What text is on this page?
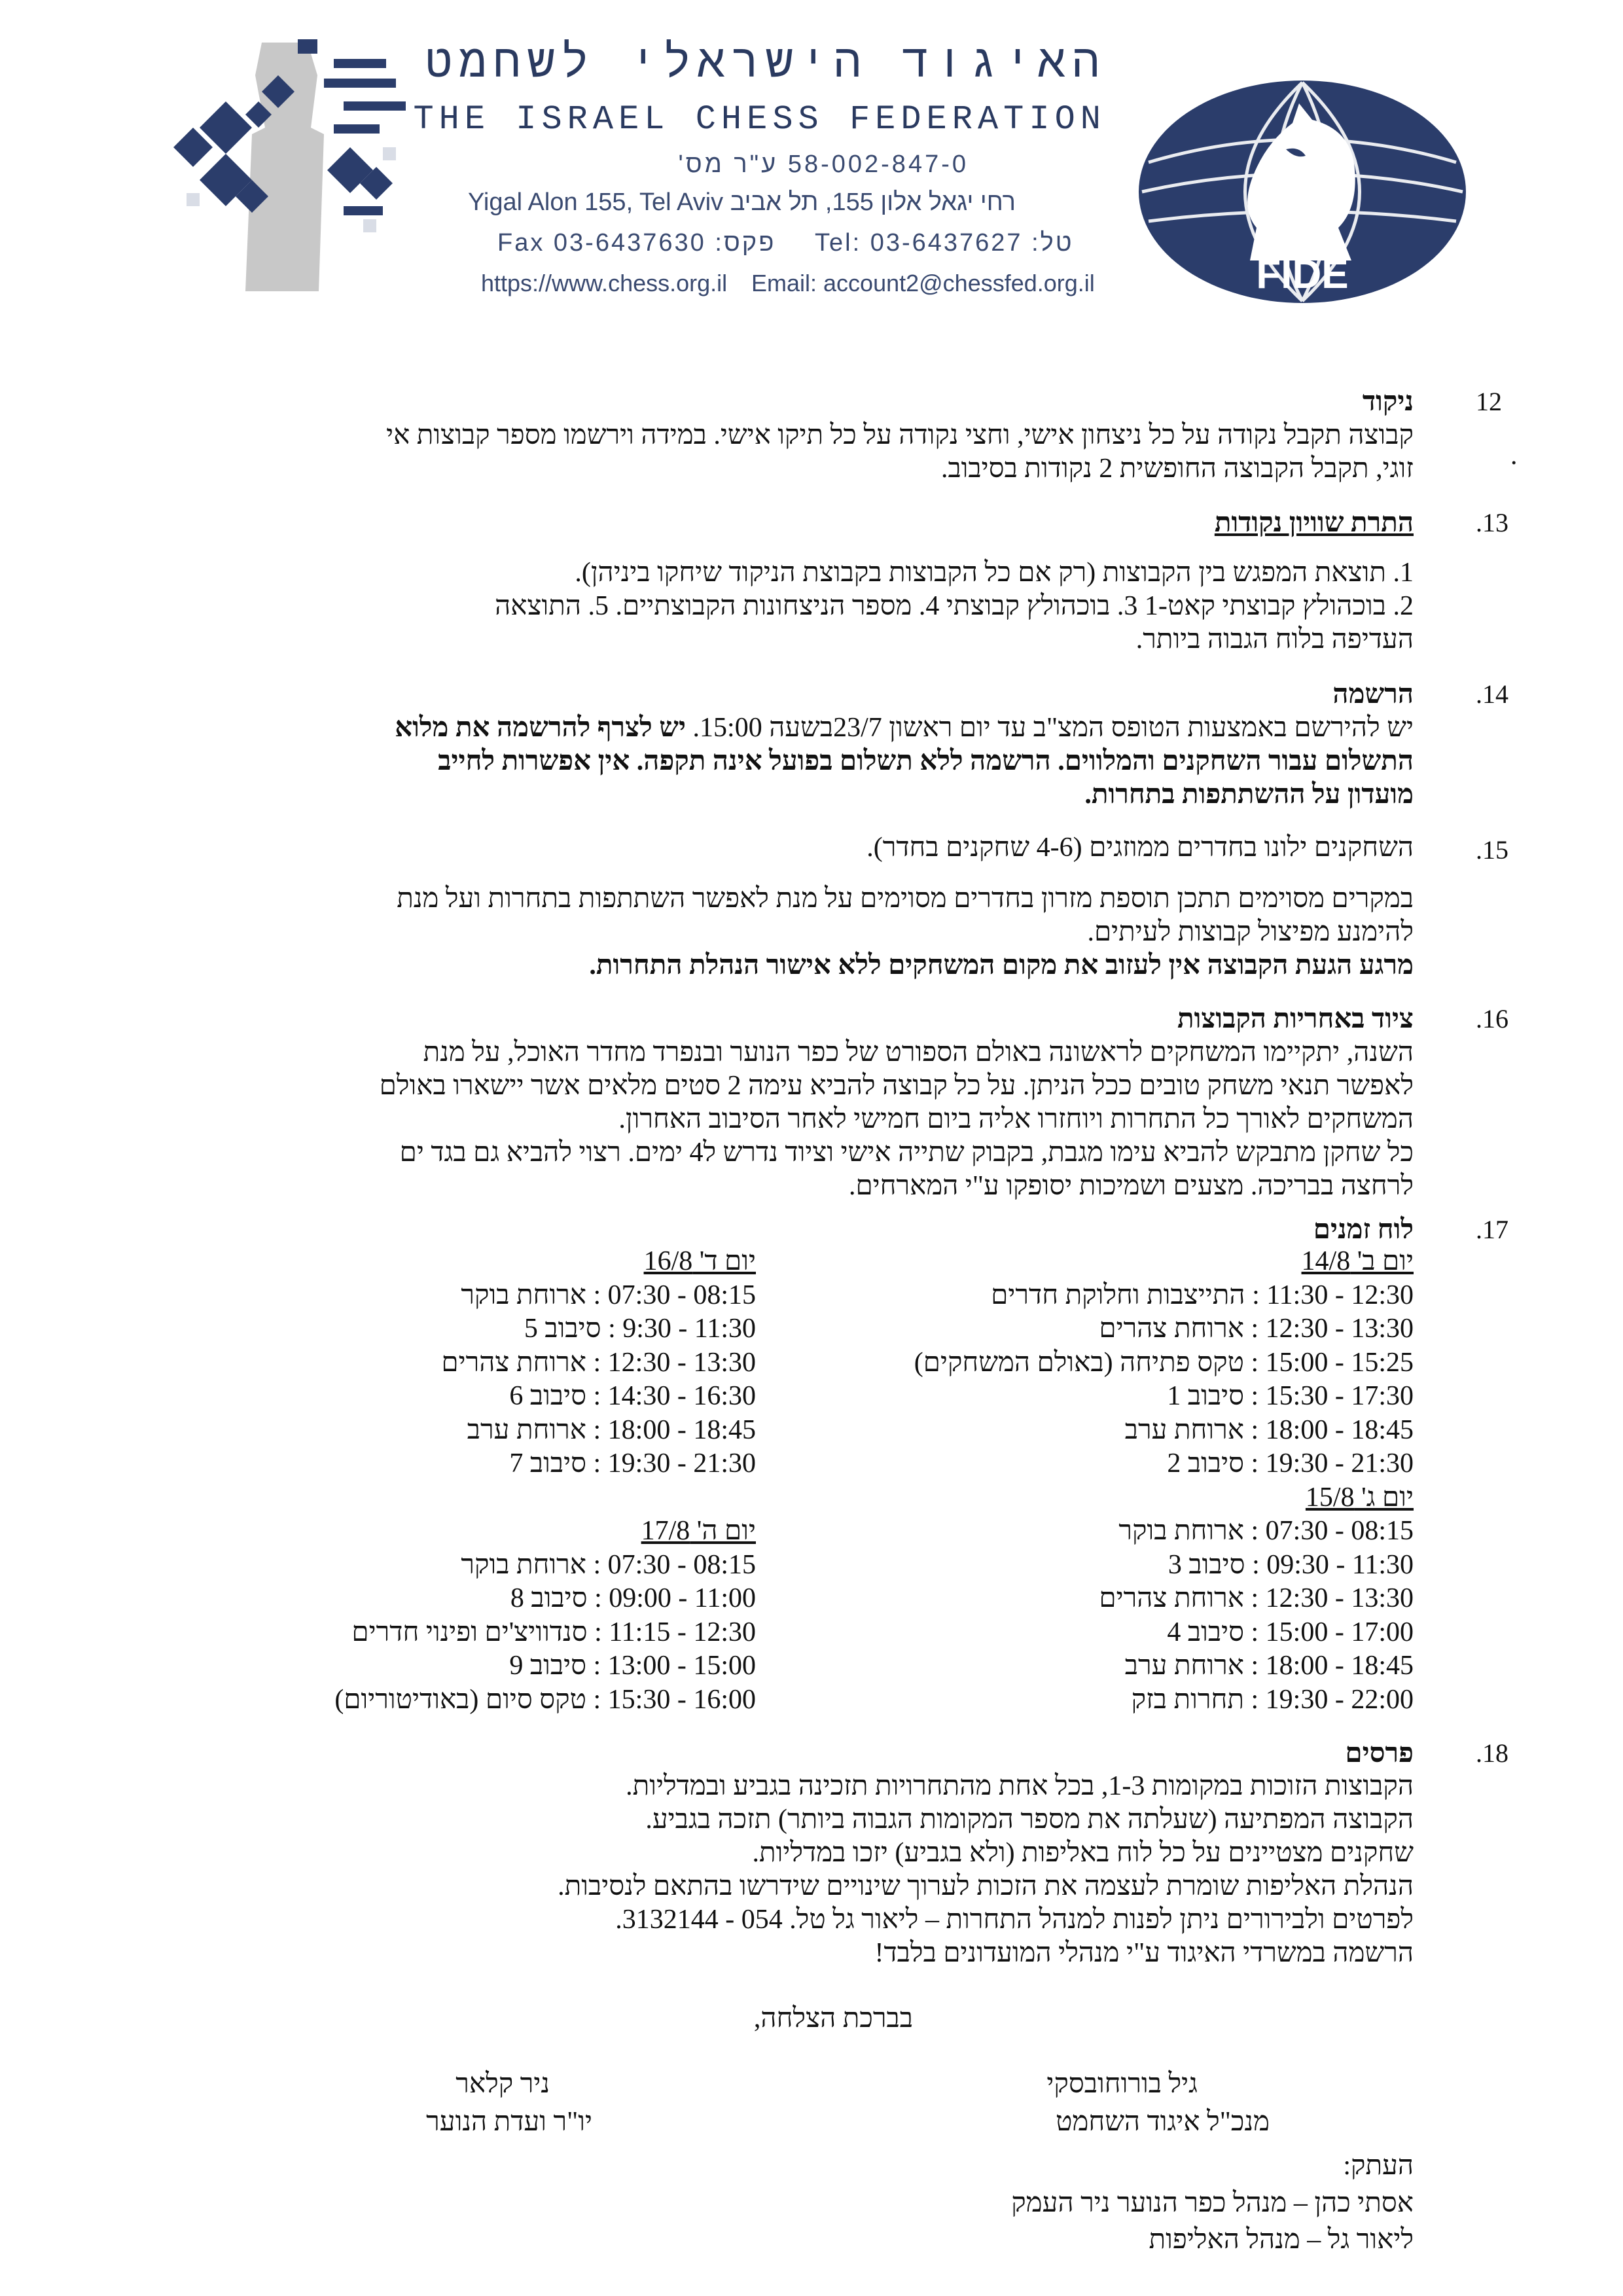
האיגוד הישראלי לשחמט
THE ISRAEL CHESS FEDERATION
58-002-847-0 ע"ר מס'
Yigal Alon 155, Tel Aviv רחי יגאל אלון 155, תל אביב
Fax 03-6437630 :פקס Tel: 03-6437627 :טל
https://www.chess.org.il Email: account2@chessfed.org.il	FIDE
12
ניקוד

קבוצה תקבל נקודה על כל ניצחון אישי, וחצי נקודה על כל תיקו אישי. במידה וירשמו מספר קבוצות אי

זוגי, תקבל הקבוצה החופשית 2 נקודות בסיבוב.	.
.13
התרת שוויון נקודות

1. תוצאת המפגש בין הקבוצות (רק אם כל הקבוצות בקבוצת הניקוד שיחקו ביניהן).

2. בוכהולץ קבוצתי קאט-1 3. בוכהולץ קבוצתי 4. מספר הניצחונות הקבוצתיים. 5. התוצאה

העדיפה בלוח הגבוה ביותר.

.14
הרשמה

יש להירשם באמצעות הטופס המצ"ב עד יום ראשון 23/7בשעה 15:00. יש לצרף להרשמה את מלוא

התשלום עבור השחקנים והמלווים. הרשמה ללא תשלום בפועל אינה תקפה. אין אפשרות לחייב

מועדון על ההשתתפות בתחרות.

.15
השחקנים ילונו בחדרים ממוזגים (4-6 שחקנים בחדר).

במקרים מסוימים תתכן תוספת מזרון בחדרים מסוימים על מנת לאפשר השתתפות בתחרות ועל מנת

להימנע מפיצול קבוצות לעיתים.

מרגע הגעת הקבוצה אין לעזוב את מקום המשחקים ללא אישור הנהלת התחרות.

.16
ציוד באחריות הקבוצות

השנה, יתקיימו המשחקים לראשונה באולם הספורט של כפר הנוער ובנפרד מחדר האוכל, על מנת

לאפשר תנאי משחק טובים ככל הניתן. על כל קבוצה להביא עימה 2 סטים מלאים אשר יישארו באולם

המשחקים לאורך כל התחרות ויוחזרו אליה ביום חמישי לאחר הסיבוב האחרון.

כל שחקן מתבקש להביא עימו מגבת, בקבוק שתייה אישי וציוד נדרש ל4 ימים. רצוי להביא גם בגד ים

לרחצה בבריכה. מצעים ושמיכות יסופקו ע"י המארחים.

.17
לוח זמנים
יום ב' 14/8
11:30 - 12:30 : התייצבות וחלוקת חדרים
12:30 - 13:30 : ארוחת צהרים
15:00 - 15:25 : טקס פתיחה (באולם המשחקים)
15:30 - 17:30 : סיבוב 1
18:00 - 18:45 : ארוחת ערב
19:30 - 21:30 : סיבוב 2
יום ג' 15/8
07:30 - 08:15 : ארוחת בוקר
09:30 - 11:30 : סיבוב 3
12:30 - 13:30 : ארוחת צהרים
15:00 - 17:00 : סיבוב 4
18:00 - 18:45 : ארוחת ערב
19:30 - 22:00 : תחרות בזק
יום ד' 16/8
07:30 - 08:15 : ארוחת בוקר
9:30 - 11:30 : סיבוב 5
12:30 - 13:30 : ארוחת צהרים
14:30 - 16:30 : סיבוב 6
18:00 - 18:45 : ארוחת ערב
19:30 - 21:30 : סיבוב 7
יום ה' 17/8
07:30 - 08:15 : ארוחת בוקר
09:00 - 11:00 : סיבוב 8
11:15 - 12:30 : סנדוויצ'ים ופינוי חדרים
13:00 - 15:00 : סיבוב 9
15:30 - 16:00 : טקס סיום (באודיטוריום)
.18
פרסים

הקבוצות הזוכות במקומות 1-3, בכל אחת מהתחרויות תזכינה בגביע ובמדליות.

הקבוצה המפתיעה (שעלתה את מספר המקומות הגבוה ביותר) תזכה בגביע.

שחקנים מצטיינים על כל לוח באליפות (ולא בגביע) יזכו במדליות.

הנהלת האליפות שומרת לעצמה את הזכות לערוך שינויים שידרשו בהתאם לנסיבות.

לפרטים ולבירורים ניתן לפנות למנהל התחרות – ליאור גל טל. 054 - 3132144.

הרשמה במשרדי האיגוד ע"י מנהלי המועדונים בלבד!

בברכת הצלחה,
גיל בורוחובסקי
מנכ"ל איגוד השחמט
ניר קלאר
יו"ר ועדת הנוער
העתק:
אסתי כהן – מנהל כפר הנוער ניר העמק
ליאור גל – מנהל האליפות
